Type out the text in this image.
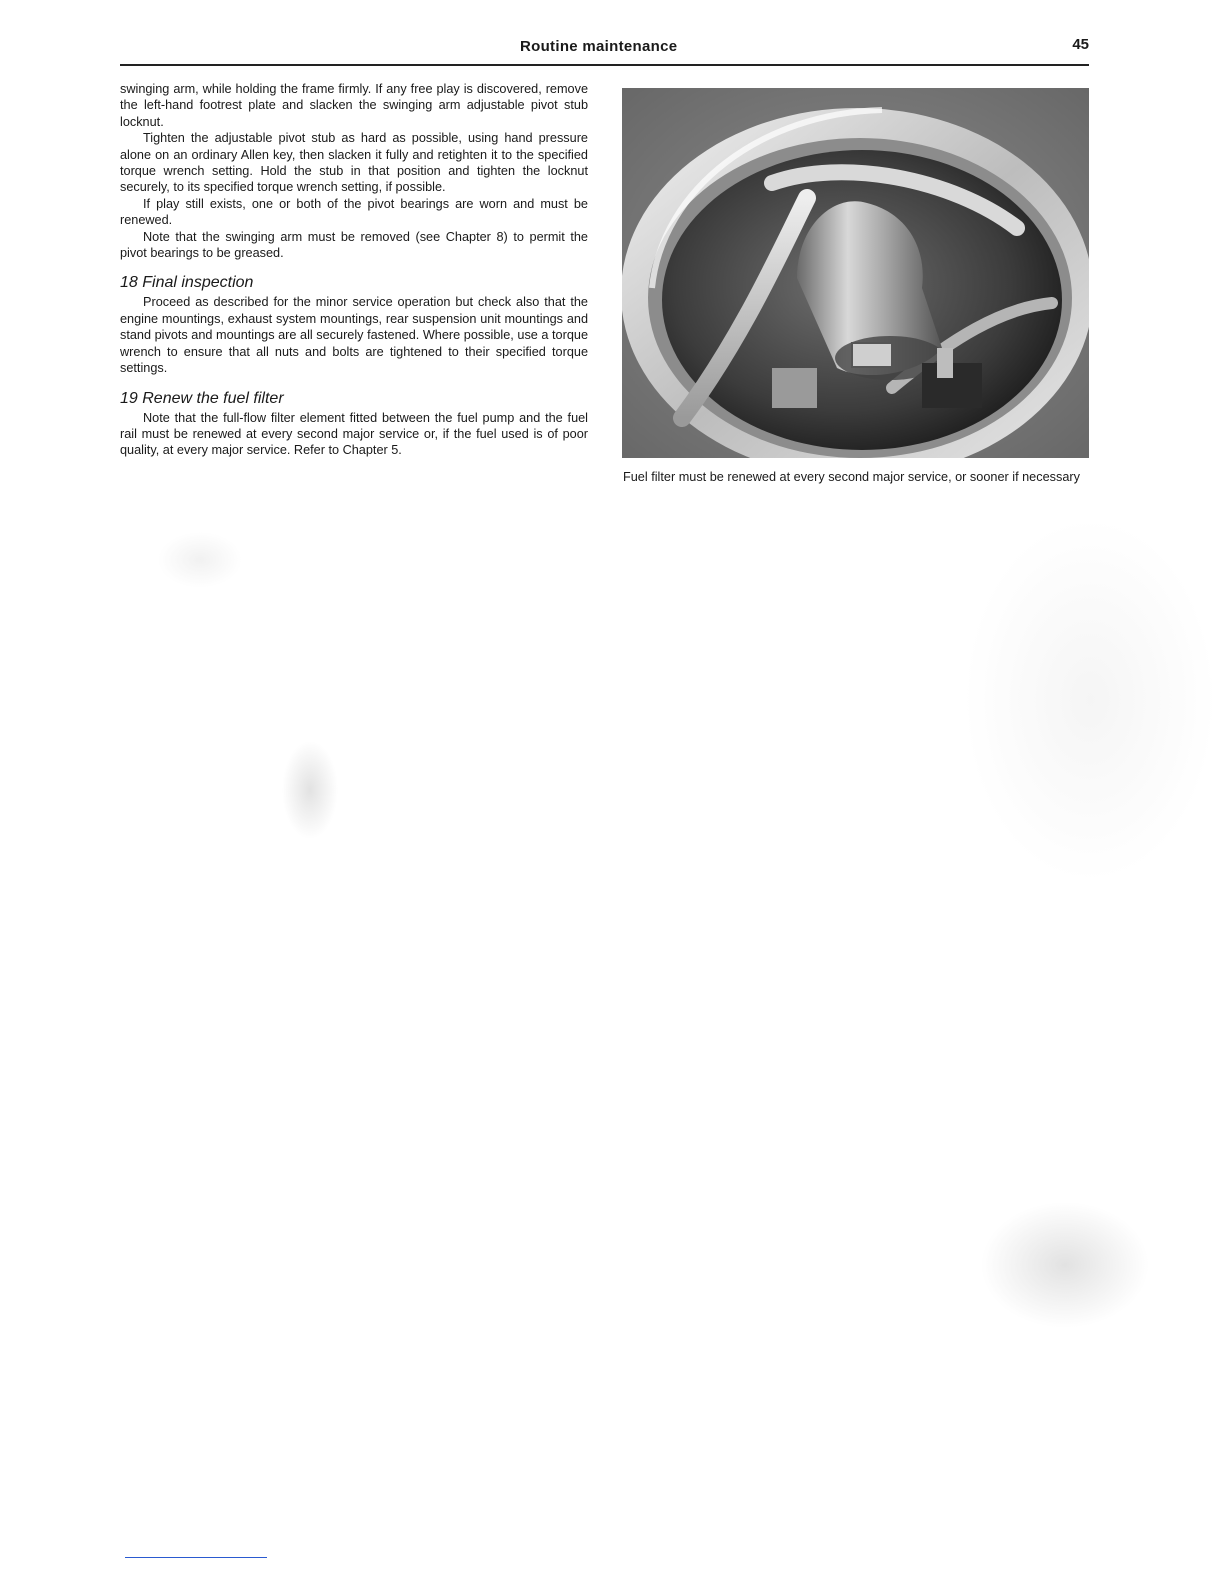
Routine maintenance	45

swinging arm, while holding the frame firmly. If any free play is discovered, remove the left-hand footrest plate and slacken the swinging arm adjustable pivot stub locknut.

Tighten the adjustable pivot stub as hard as possible, using hand pressure alone on an ordinary Allen key, then slacken it fully and retighten it to the specified torque wrench setting. Hold the stub in that position and tighten the locknut securely, to its specified torque wrench setting, if possible.

If play still exists, one or both of the pivot bearings are worn and must be renewed.

Note that the swinging arm must be removed (see Chapter 8) to permit the pivot bearings to be greased.

18 Final inspection

Proceed as described for the minor service operation but check also that the engine mountings, exhaust system mountings, rear suspension unit mountings and stand pivots and mountings are all securely fastened. Where possible, use a torque wrench to ensure that all nuts and bolts are tightened to their specified torque settings.

19 Renew the fuel filter

Note that the full-flow filter element fitted between the fuel pump and the fuel rail must be renewed at every second major service or, if the fuel used is of poor quality, at every major service. Refer to Chapter 5.

Fuel filter must be renewed at every second major service, or sooner if necessary
